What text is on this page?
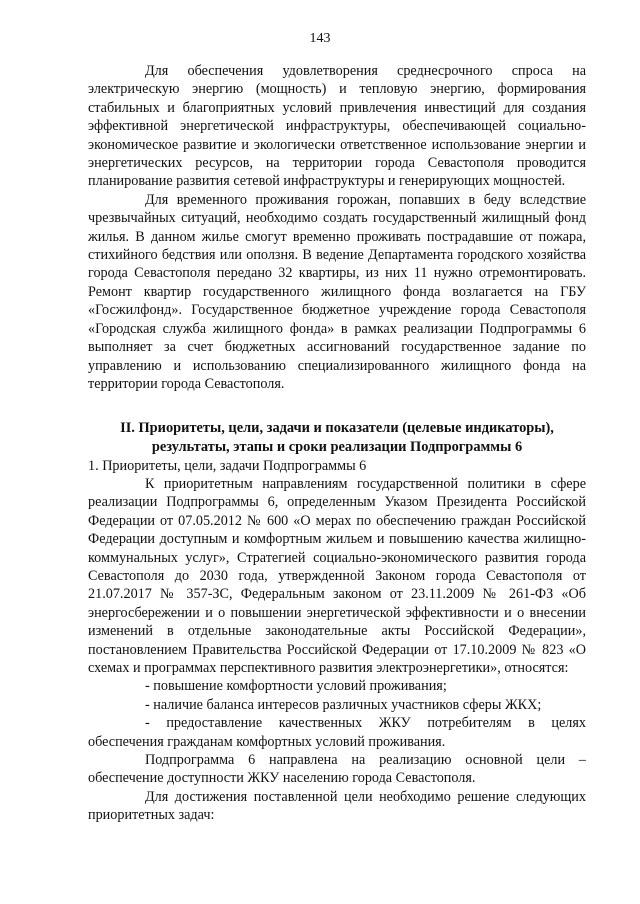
143

Для обеспечения удовлетворения среднесрочного спроса на электрическую энергию (мощность) и тепловую энергию, формирования стабильных и благоприятных условий привлечения инвестиций для создания эффективной энергетической инфраструктуры, обеспечивающей социально-экономическое развитие и экологически ответственное использование энергии и энергетических ресурсов, на территории города Севастополя проводится планирование развития сетевой инфраструктуры и генерирующих мощностей.

Для временного проживания горожан, попавших в беду вследствие чрезвычайных ситуаций, необходимо создать государственный жилищный фонд жилья. В данном жилье смогут временно проживать пострадавшие от пожара, стихийного бедствия или оползня. В ведение Департамента городского хозяйства города Севастополя передано 32 квартиры, из них 11 нужно отремонтировать. Ремонт квартир государственного жилищного фонда возлагается на ГБУ «Госжилфонд». Государственное бюджетное учреждение города Севастополя «Городская служба жилищного фонда» в рамках реализации Подпрограммы 6 выполняет за счет бюджетных ассигнований государственное задание по управлению и использованию специализированного жилищного фонда на территории города Севастополя.

II. Приоритеты, цели, задачи и показатели (целевые индикаторы),
результаты, этапы и сроки реализации Подпрограммы 6

1. Приоритеты, цели, задачи Подпрограммы 6

К приоритетным направлениям государственной политики в сфере реализации Подпрограммы 6, определенным Указом Президента Российской Федерации от 07.05.2012 № 600 «О мерах по обеспечению граждан Российской Федерации доступным и комфортным жильем и повышению качества жилищно-коммунальных услуг», Стратегией социально-экономического развития города Севастополя до 2030 года, утвержденной Законом города Севастополя от 21.07.2017 № 357-ЗС, Федеральным законом от 23.11.2009 № 261-ФЗ «Об энергосбережении и о повышении энергетической эффективности и о внесении изменений в отдельные законодательные акты Российской Федерации», постановлением Правительства Российской Федерации от 17.10.2009 № 823 «О схемах и программах перспективного развития электроэнергетики», относятся:

- повышение комфортности условий проживания;

- наличие баланса интересов различных участников сферы ЖКХ;

- предоставление качественных ЖКУ потребителям в целях обеспечения гражданам комфортных условий проживания.

Подпрограмма 6 направлена на реализацию основной цели – обеспечение доступности ЖКУ населению города Севастополя.

Для достижения поставленной цели необходимо решение следующих приоритетных задач:
